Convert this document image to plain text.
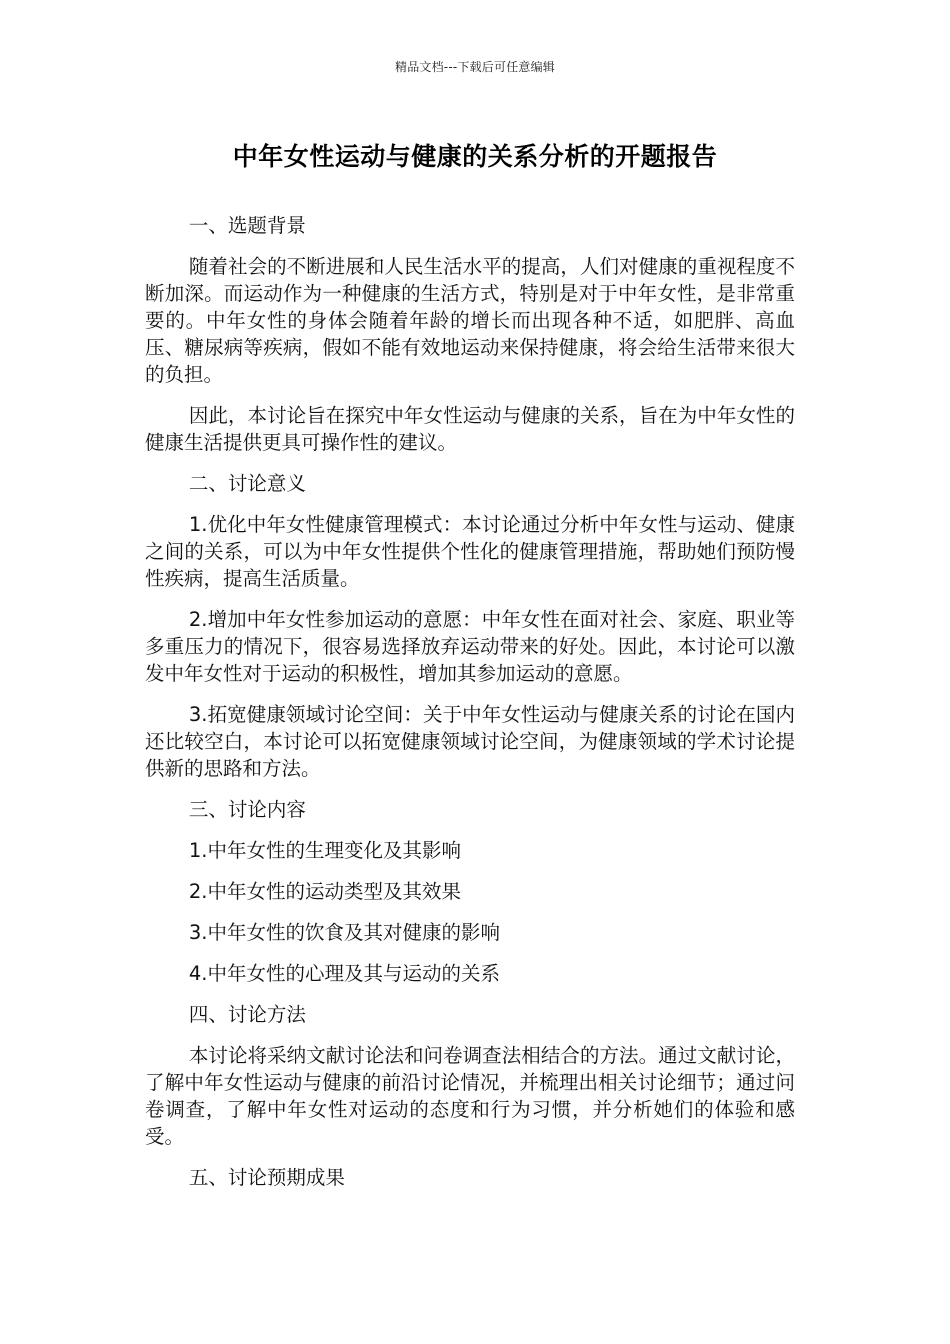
精品文档---下载后可任意编辑
中年女性运动与健康的关系分析的开题报告

一、选题背景

随着社会的不断进展和人民生活水平的提高，人们对健康的重视程度不断加深。而运动作为一种健康的生活方式，特别是对于中年女性，是非常重要的。中年女性的身体会随着年龄的增长而出现各种不适，如肥胖、高血压、糖尿病等疾病，假如不能有效地运动来保持健康，将会给生活带来很大的负担。

因此，本讨论旨在探究中年女性运动与健康的关系，旨在为中年女性的健康生活提供更具可操作性的建议。

二、讨论意义

1.优化中年女性健康管理模式：本讨论通过分析中年女性与运动、健康之间的关系，可以为中年女性提供个性化的健康管理措施，帮助她们预防慢性疾病，提高生活质量。

2.增加中年女性参加运动的意愿：中年女性在面对社会、家庭、职业等多重压力的情况下，很容易选择放弃运动带来的好处。因此，本讨论可以激发中年女性对于运动的积极性，增加其参加运动的意愿。

3.拓宽健康领域讨论空间：关于中年女性运动与健康关系的讨论在国内还比较空白，本讨论可以拓宽健康领域讨论空间，为健康领域的学术讨论提供新的思路和方法。

三、讨论内容

1.中年女性的生理变化及其影响

2.中年女性的运动类型及其效果

3.中年女性的饮食及其对健康的影响

4.中年女性的心理及其与运动的关系

四、讨论方法

本讨论将采纳文献讨论法和问卷调查法相结合的方法。通过文献讨论，了解中年女性运动与健康的前沿讨论情况，并梳理出相关讨论细节；通过问卷调查，了解中年女性对运动的态度和行为习惯，并分析她们的体验和感受。

五、讨论预期成果
